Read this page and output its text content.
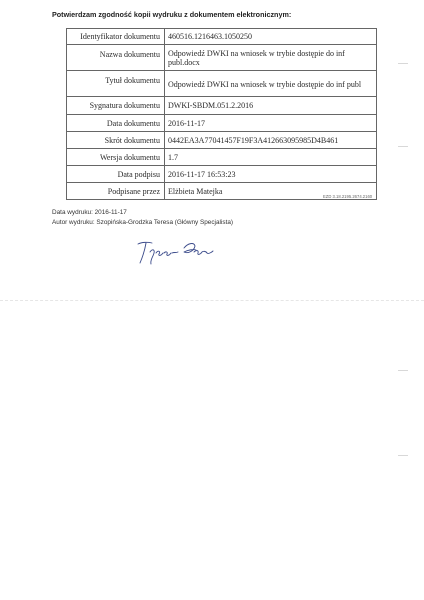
Potwierdzam zgodność kopii wydruku z dokumentem elektronicznym:
Identyfikator dokumentu	460516.1216463.1050250
Nazwa dokumentu	Odpowiedź DWKI na wniosek w trybie dostępie do inf publ.docx
Tytuł dokumentu	Odpowiedź DWKI na wniosek w trybie dostępie do inf publ
Sygnatura dokumentu	DWKI-SBDM.051.2.2016
Data dokumentu	2016-11-17
Skrót dokumentu	0442EA3A77041457F19F3A412663095985D4B461
Wersja dokumentu	1.7
Data podpisu	2016-11-17 16:53:23
Podpisane przez	Elżbieta Matejka
EZD 3.18.2195.2674.2160
Data wydruku: 2016-11-17
Autor wydruku: Szopińska-Grodzka Teresa (Główny Specjalista)
